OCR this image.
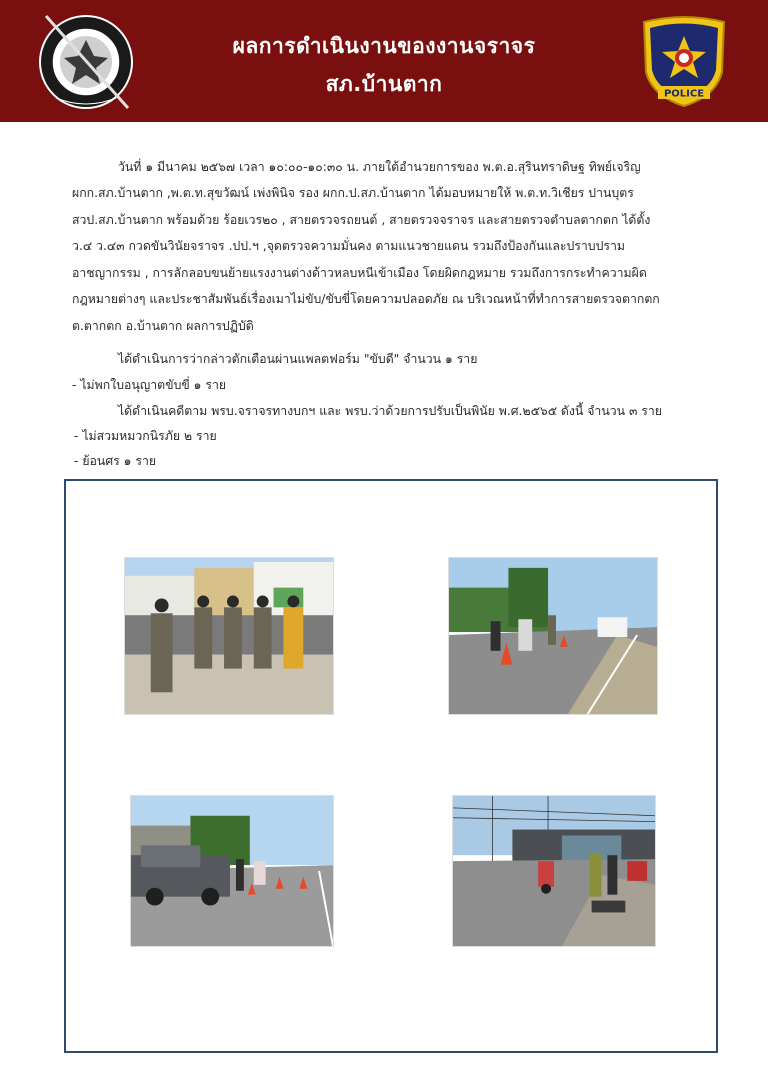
ผลการดำเนินงานของงานจราจร
สภ.บ้านตาก	POLICE
วันที่ ๑ มีนาคม ๒๕๖๗ เวลา ๑๐:๐๐-๑๐:๓๐ น. ภายใต้อำนวยการของ พ.ต.อ.สุรินทราดิษฐ ทิพย์เจริญ
ผกก.สภ.บ้านตาก ,พ.ต.ท.สุขวัฒน์ เพ่งพินิจ รอง ผกก.ป.สภ.บ้านตาก ได้มอบหมายให้ พ.ต.ท.วิเชียร ปานบุตร
สวป.สภ.บ้านตาก พร้อมด้วย ร้อยเวร๒๐ , สายตรวจรถยนต์ , สายตรวจจราจร และสายตรวจตำบลตากตก ได้ตั้ง
ว.๔ ว.๔๓ กวดขันวินัยจราจร .ปป.ฯ ,จุดตรวจความมั่นคง ตามแนวชายแดน รวมถึงป้องกันและปราบปราม
อาชญากรรม , การลักลอบขนย้ายแรงงานต่างด้าวหลบหนีเข้าเมือง โดยผิดกฎหมาย รวมถึงการกระทำความผิด
กฎหมายต่างๆ และประชาสัมพันธ์เรื่องเมาไม่ขับ/ขับขี่โดยความปลอดภัย ณ บริเวณหน้าที่ทำการสายตรวจตากตก
ต.ตากตก อ.บ้านตาก ผลการปฏิบัติ
ได้ดำเนินการว่ากล่าวตักเตือนผ่านแพลตฟอร์ม "ขับดี" จำนวน ๑ ราย
- ไม่พกใบอนุญาตขับขี่ ๑ ราย
ได้ดำเนินคดีตาม พรบ.จราจรทางบกฯ และ พรบ.ว่าด้วยการปรับเป็นพินัย พ.ศ.๒๕๖๕ ดังนี้ จำนวน ๓ ราย
- ไม่สวมหมวกนิรภัย ๒ ราย
- ย้อนศร ๑ ราย
